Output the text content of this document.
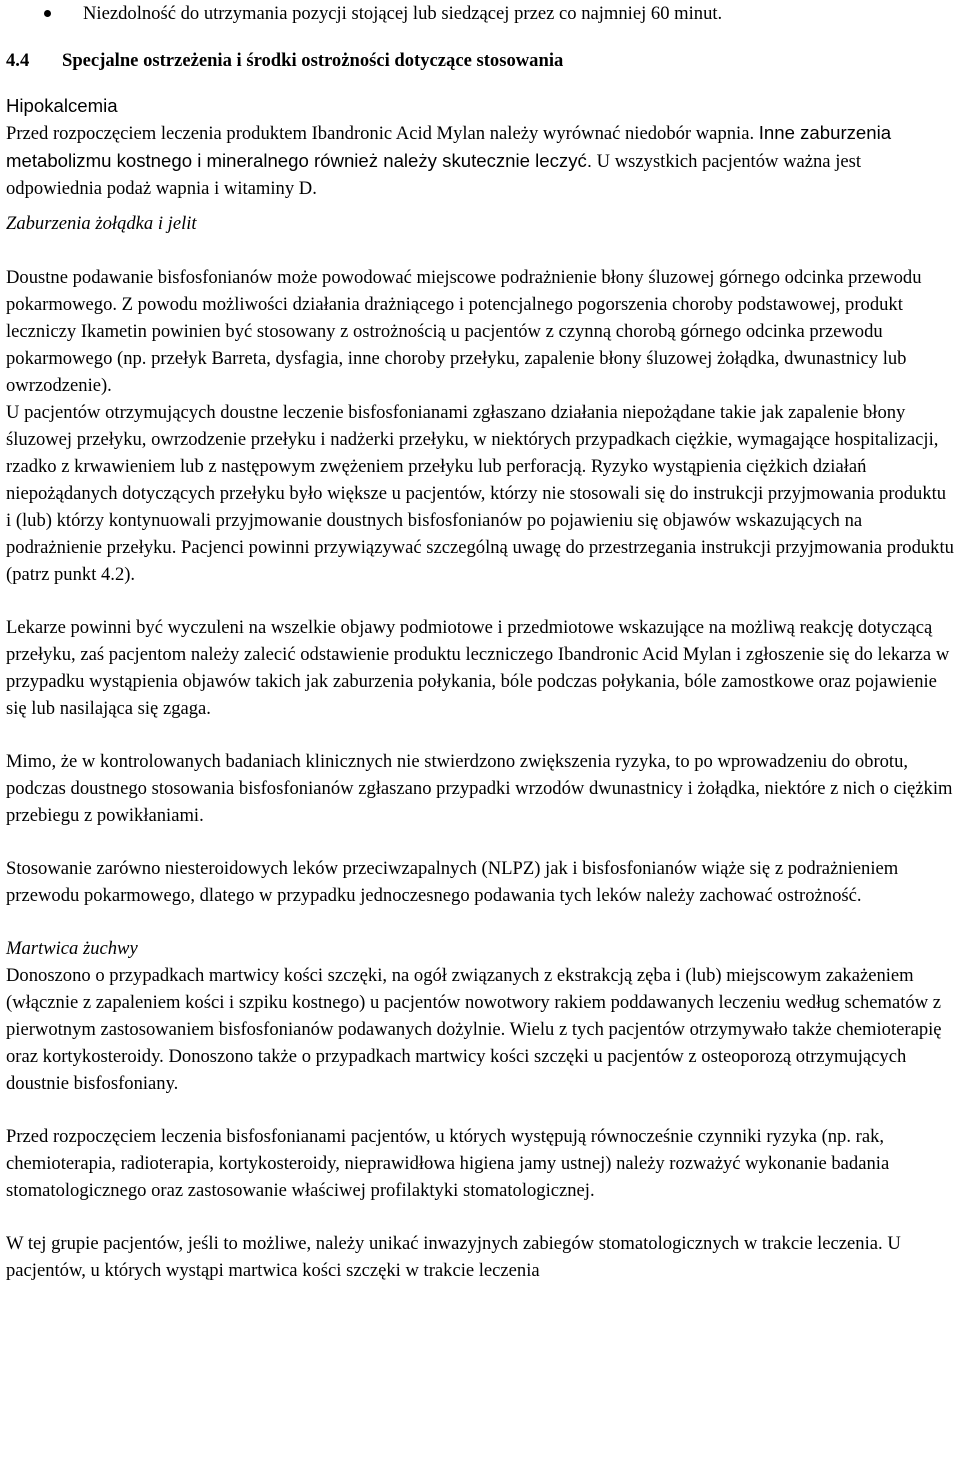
Niezdolność do utrzymania pozycji stojącej lub siedzącej przez co najmniej 60 minut.

4.4 Specjalne ostrzeżenia i środki ostrożności dotyczące stosowania

Hipokalcemia

Przed rozpoczęciem leczenia produktem Ibandronic Acid Mylan należy wyrównać niedobór wapnia. Inne zaburzenia metabolizmu kostnego i mineralnego również należy skutecznie leczyć. U wszystkich pacjentów ważna jest odpowiednia podaż wapnia i witaminy D.

Zaburzenia żołądka i jelit

Doustne podawanie bisfosfonianów może powodować miejscowe podrażnienie błony śluzowej górnego odcinka przewodu pokarmowego. Z powodu możliwości działania drażniącego i potencjalnego pogorszenia choroby podstawowej, produkt leczniczy Ikametin powinien być stosowany z ostrożnością u pacjentów z czynną chorobą górnego odcinka przewodu pokarmowego (np. przełyk Barreta, dysfagia, inne choroby przełyku, zapalenie błony śluzowej żołądka, dwunastnicy lub owrzodzenie).

U pacjentów otrzymujących doustne leczenie bisfosfonianami zgłaszano działania niepożądane takie jak zapalenie błony śluzowej przełyku, owrzodzenie przełyku i nadżerki przełyku, w niektórych przypadkach ciężkie, wymagające hospitalizacji, rzadko z krwawieniem lub z następowym zwężeniem przełyku lub perforacją. Ryzyko wystąpienia ciężkich działań niepożądanych dotyczących przełyku było większe u pacjentów, którzy nie stosowali się do instrukcji przyjmowania produktu i (lub) którzy kontynuowali przyjmowanie doustnych bisfosfonianów po pojawieniu się objawów wskazujących na podrażnienie przełyku. Pacjenci powinni przywiązywać szczególną uwagę do przestrzegania instrukcji przyjmowania produktu (patrz punkt 4.2).

Lekarze powinni być wyczuleni na wszelkie objawy podmiotowe i przedmiotowe wskazujące na możliwą reakcję dotyczącą przełyku, zaś pacjentom należy zalecić odstawienie produktu leczniczego Ibandronic Acid Mylan i zgłoszenie się do lekarza w przypadku wystąpienia objawów takich jak zaburzenia połykania, bóle podczas połykania, bóle zamostkowe oraz pojawienie się lub nasilająca się zgaga.

Mimo, że w kontrolowanych badaniach klinicznych nie stwierdzono zwiększenia ryzyka, to po wprowadzeniu do obrotu, podczas doustnego stosowania bisfosfonianów zgłaszano przypadki wrzodów dwunastnicy i żołądka, niektóre z nich o ciężkim przebiegu z powikłaniami.

Stosowanie zarówno niesteroidowych leków przeciwzapalnych (NLPZ) jak i bisfosfonianów wiąże się z podrażnieniem przewodu pokarmowego, dlatego w przypadku jednoczesnego podawania tych leków należy zachować ostrożność.

Martwica żuchwy

Donoszono o przypadkach martwicy kości szczęki, na ogół związanych z ekstrakcją zęba i (lub) miejscowym zakażeniem (włącznie z zapaleniem kości i szpiku kostnego) u pacjentów nowotwory rakiem poddawanych leczeniu według schematów z pierwotnym zastosowaniem bisfosfonianów podawanych dożylnie. Wielu z tych pacjentów otrzymywało także chemioterapię oraz kortykosteroidy. Donoszono także o przypadkach martwicy kości szczęki u pacjentów z osteoporozą otrzymujących doustnie bisfosfoniany.

Przed rozpoczęciem leczenia bisfosfonianami pacjentów, u których występują równocześnie czynniki ryzyka (np. rak, chemioterapia, radioterapia, kortykosteroidy, nieprawidłowa higiena jamy ustnej) należy rozważyć wykonanie badania stomatologicznego oraz zastosowanie właściwej profilaktyki stomatologicznej.

W tej grupie pacjentów, jeśli to możliwe, należy unikać inwazyjnych zabiegów stomatologicznych w trakcie leczenia. U pacjentów, u których wystąpi martwica kości szczęki w trakcie leczenia
